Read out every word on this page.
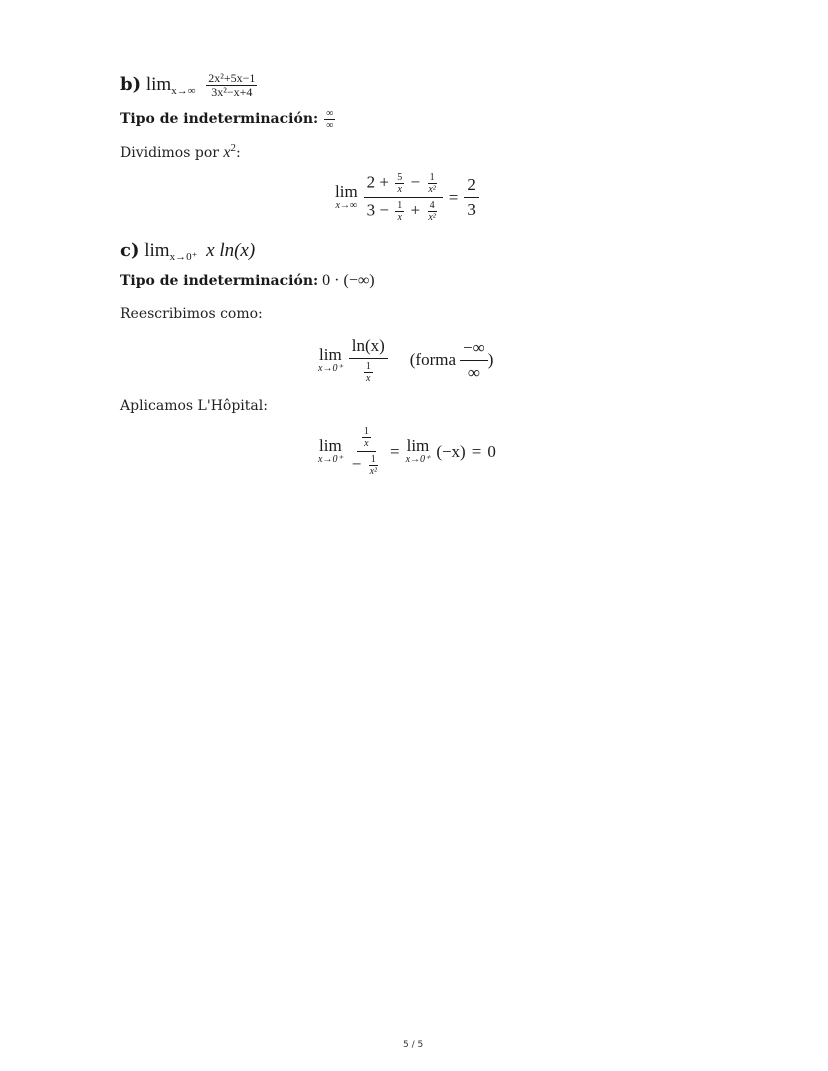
b) $\lim_{x\to\infty} \frac{\text{2x²+5x−1}}{\text{3x²−x+4}}$
Tipo de indeterminación: $\frac{\infty}{\infty}$
Dividimos por $x^2$:
lim
$x\to\infty \frac{2 + \frac{5}{x} - \frac{1}{\text{x²}}}{3 - \frac{1}{x} + \frac{4}{\text{x²}}} = \frac{2}{3}$
c) $\lim_{x\to 0^+} x$ ln(x)
Tipo de indeterminación: 0 · (−∞)
Reescribimos como:
lim
$x\to 0^+ \frac{\ln(x)}{\frac{1}{x}}$ (forma $\frac{-\infty}{\infty}$ )
Aplicamos L'Hôpital:
lim
$x\to 0^+ \frac{\frac{1}{x}}{- \frac{1}{\text{x²}}} = \lim$
x→0⁺ (−x) = 0
5 / 5
